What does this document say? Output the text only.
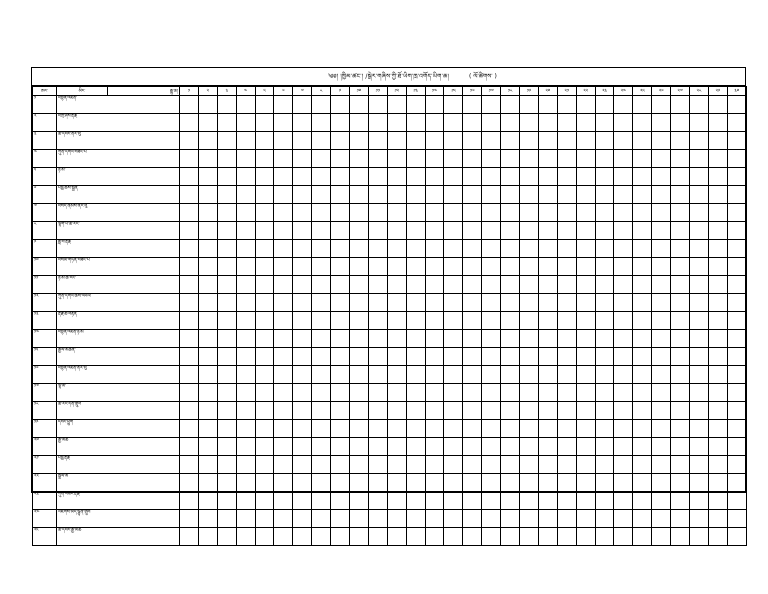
༄༅། །ཁྱིམ་ཚང་། /སྒེར་གཞིས་ཀྱི་ཐོ་ཡིག་ཁྲ་འགོད་ཡིག་ཆ།	( ལོ་ཚིགས་ )
ཨང་	མིང་	རྒྱུ་ཆ།	༡	༢	༣	༤	༥	༦	༧	༨	༩	༡༠	༡༡	༡༢	༡༣	༡༤	༡༥	༡༦	༡༧	༡༨	༡༩	༢༠	༢༡	༢༢	༢༣	༢༤	༢༥	༢༦	༢༧	༢༨	༢༩	༣༠
༡	བསྟན་འཛིན་																															
༢	བཀྲ་ཤིས་རྡོ་རྗེ																															
༣	ཚེ་དབང་ནོར་བུ																															
༤	ཀུན་དགའ་བཟང་པོ																															
༥	ཉི་མ་																															
༦	པདྨ་ཆོས་སྒྲོན																															
༧	བསོད་ནམས་ནོར་བུ																															
༨	ལྷག་པ་ཚེ་རིང་																															
༩	ཟླ་བ་རྡོ་རྗེ																															
༡༠	བསམ་གཏན་བཟང་པོ																															
༡༡	ཉི་མ་ཚེ་རིང་																															
༡༢	ཀུན་དགའ་ཆོས་འཕེལ																															
༡༣	རྡོ་རྗེ་ཚེ་བརྟན																															
༡༤	བསྟན་འཛིན་ཉི་མ																															
༡༥	རྒྱལ་མཚན་																															
༡༦	བསྟན་འཛིན་ནོར་བུ																															
༡༧	ལྷ་མོ་																															
༡༨	ཚེ་རིང་དོན་གྲུབ																															
༡༩	དབང་ཕྱུག																															
༢༠	རྒྱ་མཚོ																															
༢༡	པདྨ་རྡོ་རྗེ																															
༢༢	སྒྲོལ་མ																															
༢༣	ཀུན་བཟང་རྡོ་རྗེ																															
༢༤	འཇིགས་མེད་ལྷུན་གྲུབ																															
༢༥	ཚེ་དབང་རྒྱ་མཚོ																															
